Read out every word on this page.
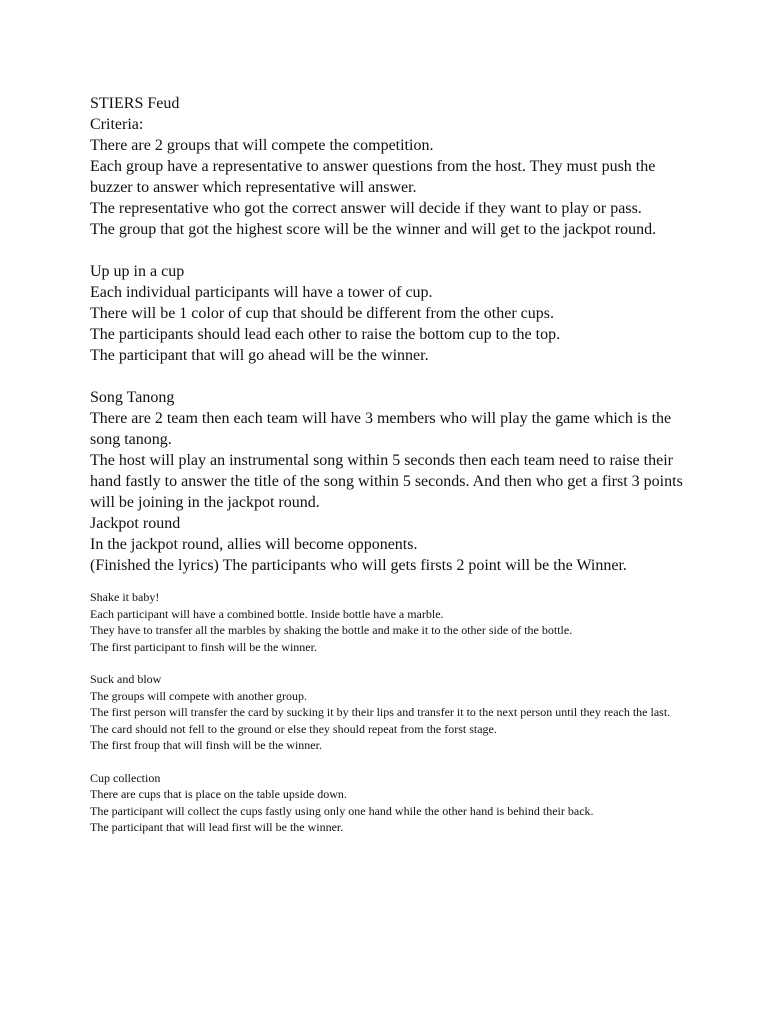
STIERS Feud

Criteria:

There are 2 groups that will compete the competition.

Each group have a representative to answer questions from the host. They must push the buzzer to answer which representative will answer.

The representative who got the correct answer will decide if they want to play or pass.

The group that got the highest score will be the winner and will get to the jackpot round.

Up up in a cup

Each individual participants will have a tower of cup.

There will be 1 color of cup that should be different from the other cups.

The participants should lead each other to raise the bottom cup to the top.

The participant that will go ahead will be the winner.

Song Tanong

There are 2 team then each team will have 3 members who will play the game which is the song tanong.

The host will play an instrumental song within 5 seconds then each team need to raise their hand fastly to answer the title of the song within 5 seconds. And then who get a first 3 points will be joining in the jackpot round.

Jackpot round

In the jackpot round, allies will become opponents.

(Finished the lyrics) The participants who will gets firsts 2 point will be the Winner.

Shake it baby!

Each participant will have a combined bottle. Inside bottle have a marble.

They have to transfer all the marbles by shaking the bottle and make it to the other side of the bottle.

The first participant to finsh will be the winner.

Suck and blow

The groups will compete with another group.

The first person will transfer the card by sucking it by their lips and transfer it to the next person until they reach the last.

The card should not fell to the ground or else they should repeat from the forst stage.

The first froup that will finsh will be the winner.

Cup collection

There are cups that is place on the table upside down.

The participant will collect the cups fastly using only one hand while the other hand is behind their back.

The participant that will lead first will be the winner.
